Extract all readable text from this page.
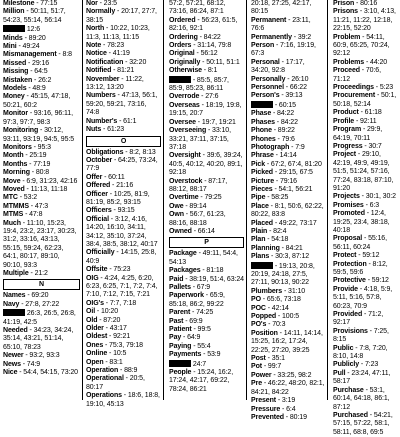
Milestone - 77:15
Million - 50:11, 51:7, 54:23, 55:14, 56:14
12:6
Minds - 89:20
Mini - 49:24
Mismanagement - 8:8
Missed - 29:16
Missing - 64:5
Mistaken - 26:2
Models - 48:9
Money - 45:15, 47:18, 50:21, 60:2
Monitor - 93:16, 96:11, 97:3, 97:7, 98:3
Monitoring - 30:12, 93:11, 93:19, 94:5, 95:5
Monitors - 95:3
Month - 25:19
Months - 77:19
Morning - 80:8
Move - 6:9, 31:23, 42:16
Moved - 11:13, 11:18
MTC - 53:2
MTMMS - 47:3
MTMS - 47:8
Much - 11:10, 15:23, 19:4, 23:2, 23:17, 30:23, 31:2, 33:16, 43:13, 55:15, 59:24, 62:23, 64:1, 80:17, 89:10, 90:10, 93:3
Multiple - 21:2
N
Names - 69:20
Navy - 27:8, 27:22
26:3, 26:5, 26:8, 41:19, 42:5
Needed - 34:23, 34:24, 35:14, 43:21, 51:14, 65:10, 78:23
Newer - 93:2, 93:3
News - 74:9
Nice - 54:4, 54:15, 73:20
Nor - 23:5
Normally - 20:17, 27:7, 38:15
North - 10:22, 10:23, 11:3, 11:13, 11:15
Note - 78:23
Notice - 41:19
Notification - 32:20
Notified - 81:21
November - 11:22, 13:12, 13:20
Numbers - 47:13, 56:1, 59:20, 59:21, 73:16, 74:8
Number's - 61:1
Nuts - 61:23
O
Obligations - 8:2, 8:13
October - 64:25, 73:24, 77:9
Offer - 60:11
Offered - 21:16
Officer - 10:25, 81:9, 81:19, 85:2, 93:15
Officers - 93:15
Official - 3:12, 4:16, 14:20, 16:10, 34:11, 34:12, 35:10, 37:24, 38:4, 38:5, 38:12, 40:17
Officially - 14:15, 25:8, 40:9
Offsite - 75:23
OIG - 4:24, 4:25, 6:20, 6:23, 6:25, 7:1, 7:2, 7:4, 7:10, 7:12, 7:15, 7:21
OIG's - 7:7, 7:18
Oil - 10:20
Old - 87:20
Older - 43:17
Oldest - 92:21
Ones - 75:3, 79:18
Online - 10:5
Open - 83:1
Operation - 88:9
Operational - 20:5, 80:17
Operations - 18:6, 18:8, 19:10, 45:13
57:2, 57:21, 68:12, 73:16, 86:24, 87:1
Ordered - 56:23, 61:5, 82:16, 92:1
Ordering - 84:22
Orders - 31:14, 79:8
Original - 56:12
Originally - 50:11, 51:1
Otherwise - 8:1
- 85:5, 85:7, 85:9, 85:23, 86:11
Overrode - 27:6
Overseas - 18:19, 19:8, 19:15, 20:7
Oversee - 19:7, 19:21
Overseeing - 33:10, 33:21, 37:11, 37:15, 37:18
Oversight - 39:6, 39:24, 40:5, 40:12, 40:20, 89:1, 92:18
Overstock - 87:17, 88:12, 88:17
Overtime - 79:25
Owe - 89:14
Own - 56:7, 61:23, 88:16, 88:18
Owned - 66:14
P
Package - 49:11, 54:4, 54:13
Packages - 81:18
Paid - 38:19, 51:4, 63:24
Pallets - 67:9
Paperwork - 65:9, 85:18, 86:2, 99:22
Parent - 74:25
Past - 69:9
Patient - 99:5
Pay - 64:9
Paying - 55:4
Payments - 53:9
24:7
People - 15:24, 16:2, 17:24, 42:17, 69:22, 78:24, 86:21
20:18, 27:25, 42:17, 80:15
Permanent - 23:11, 76:6
Permanently - 39:2
Person - 7:16, 19:19, 67:3
Personal - 17:17, 34:20, 92:8
Personally - 26:10
Personnel - 66:22
Person's - 39:13
- 60:15
Phase - 84:22
Phases - 84:22
Phone - 89:22
Phones - 79:6
Photograph - 7:9
Phrase - 14:14
Pick - 67:2, 67:4, 81:20
Picked - 29:15, 67:5
Picture - 79:16
Pieces - 54:1, 56:21
Pipe - 58:25
Place - 8:1, 50:6, 62:22, 80:22, 83:8
Placed - 49:22, 73:17
Plain - 82:4
Plan - 54:18
Planning - 84:21
Plans - 30:3, 87:12
- 19:13, 20:8, 20:19, 24:18, 27:5, 27:11, 90:13, 90:22
Plumbers - 31:10
PO - 65:6, 73:18
POC - 42:14
Popped - 100:5
PO's - 70:3
Position - 14:11, 14:14, 15:25, 16:2, 17:24, 22:25, 27:20, 39:25
Post - 35:1
Pot - 99:7
Power - 33:25, 98:2
Pre - 46:22, 48:20, 82:1, 84:21, 84:22
Present - 3:19
Pressure - 6:4
Prevented - 80:19
Prison - 80:16
Prisons - 3:10, 4:13, 11:21, 11:22, 12:18, 22:15, 52:20
Problem - 54:11, 60:9, 65:25, 70:24, 92:12
Problems - 44:20
Proceed - 70:6, 71:12
Proceedings - 5:23
Procurement - 50:1, 50:18, 52:14
Product - 61:18
Profile - 92:11
Program - 29:9, 64:19, 70:11
Progress - 30:7
Project - 29:10, 42:19, 49:9, 49:19, 51:5, 51:24, 57:16, 77:24, 83:18, 87:10, 91:20
Projects - 30:1, 30:2
Promises - 6:3
Promoted - 12:4, 19:25, 23:4, 38:18, 40:18
Proposal - 55:16, 56:11, 60:24
Protect - 59:12
Protection - 8:12, 59:5, 59:6
Protective - 59:12
Provide - 4:18, 5:9, 5:11, 5:16, 57:8, 60:23, 70:9
Provided - 71:2, 92:17
Provisions - 7:25, 8:15
Public - 7:8, 7:20, 8:10, 14:8
Publicly - 7:23
Pull - 23:24, 47:11, 58:17
Purchase - 53:1, 60:14, 64:18, 86:1, 87:12
Purchased - 54:21, 57:15, 57:22, 58:1, 58:11, 68:8, 69:5
